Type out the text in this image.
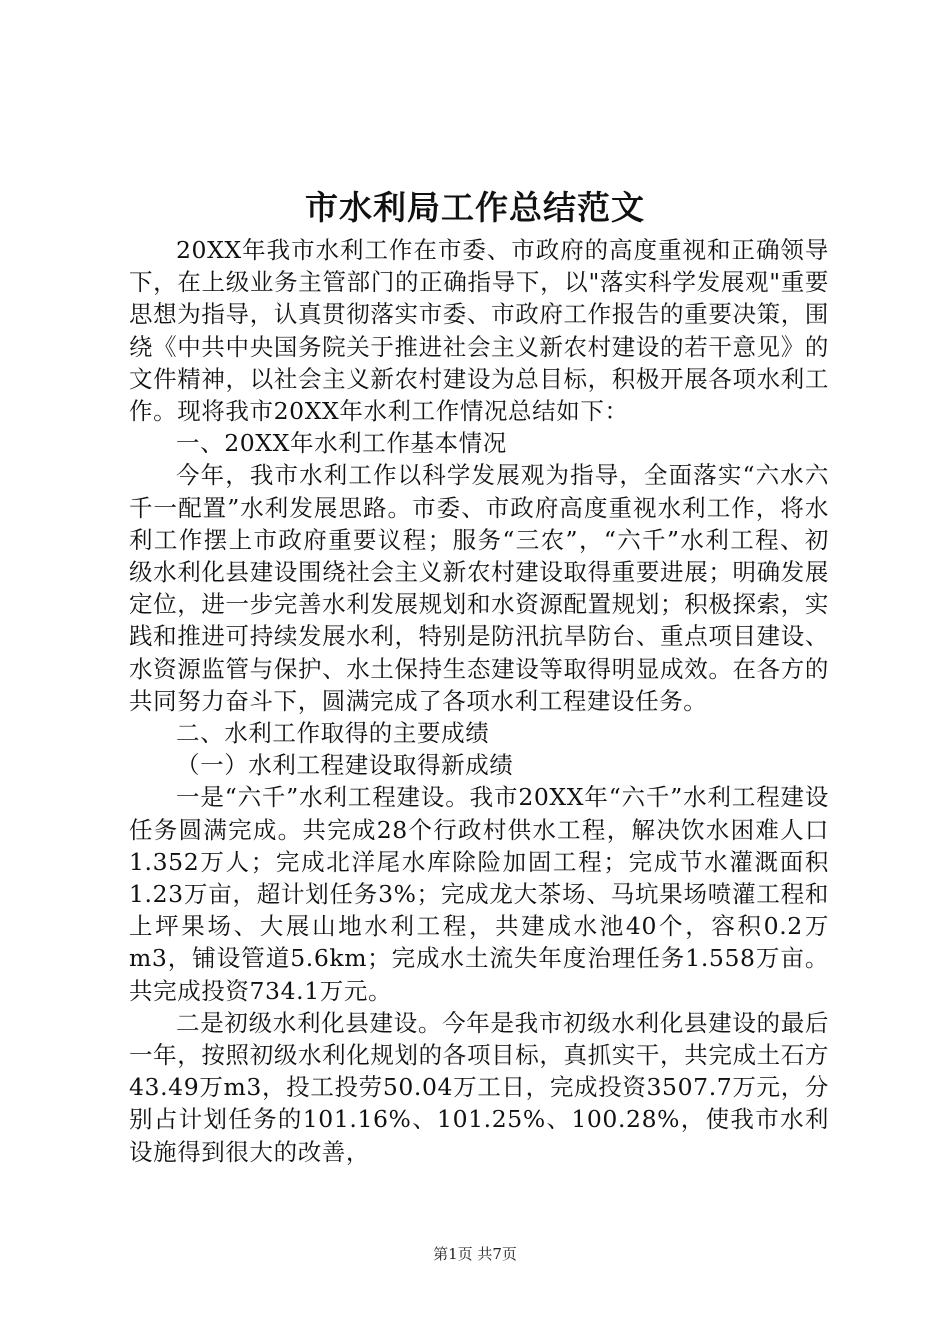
市水利局工作总结范文

20XX年我市水利工作在市委、市政府的高度重视和正确领导下，在上级业务主管部门的正确指导下，以"落实科学发展观"重要思想为指导，认真贯彻落实市委、市政府工作报告的重要决策，围绕《中共中央国务院关于推进社会主义新农村建设的若干意见》的文件精神，以社会主义新农村建设为总目标，积极开展各项水利工作。现将我市20XX年水利工作情况总结如下：

一、20XX年水利工作基本情况

今年，我市水利工作以科学发展观为指导，全面落实“六水六千一配置”水利发展思路。市委、市政府高度重视水利工作，将水利工作摆上市政府重要议程；服务“三农”，“六千”水利工程、初级水利化县建设围绕社会主义新农村建设取得重要进展；明确发展定位，进一步完善水利发展规划和水资源配置规划；积极探索，实践和推进可持续发展水利，特别是防汛抗旱防台、重点项目建设、水资源监管与保护、水土保持生态建设等取得明显成效。在各方的共同努力奋斗下，圆满完成了各项水利工程建设任务。

二、水利工作取得的主要成绩

（一）水利工程建设取得新成绩

一是“六千”水利工程建设。我市20XX年“六千”水利工程建设任务圆满完成。共完成28个行政村供水工程，解决饮水困难人口1.352万人；完成北洋尾水库除险加固工程；完成节水灌溉面积1.23万亩，超计划任务3%；完成龙大茶场、马坑果场喷灌工程和上坪果场、大展山地水利工程，共建成水池40个，容积0.2万m3，铺设管道5.6km；完成水土流失年度治理任务1.558万亩。共完成投资734.1万元。

二是初级水利化县建设。今年是我市初级水利化县建设的最后一年，按照初级水利化规划的各项目标，真抓实干，共完成土石方43.49万m3，投工投劳50.04万工日，完成投资3507.7万元，分别占计划任务的101.16%、101.25%、100.28%，使我市水利设施得到很大的改善，

第1页 共7页
